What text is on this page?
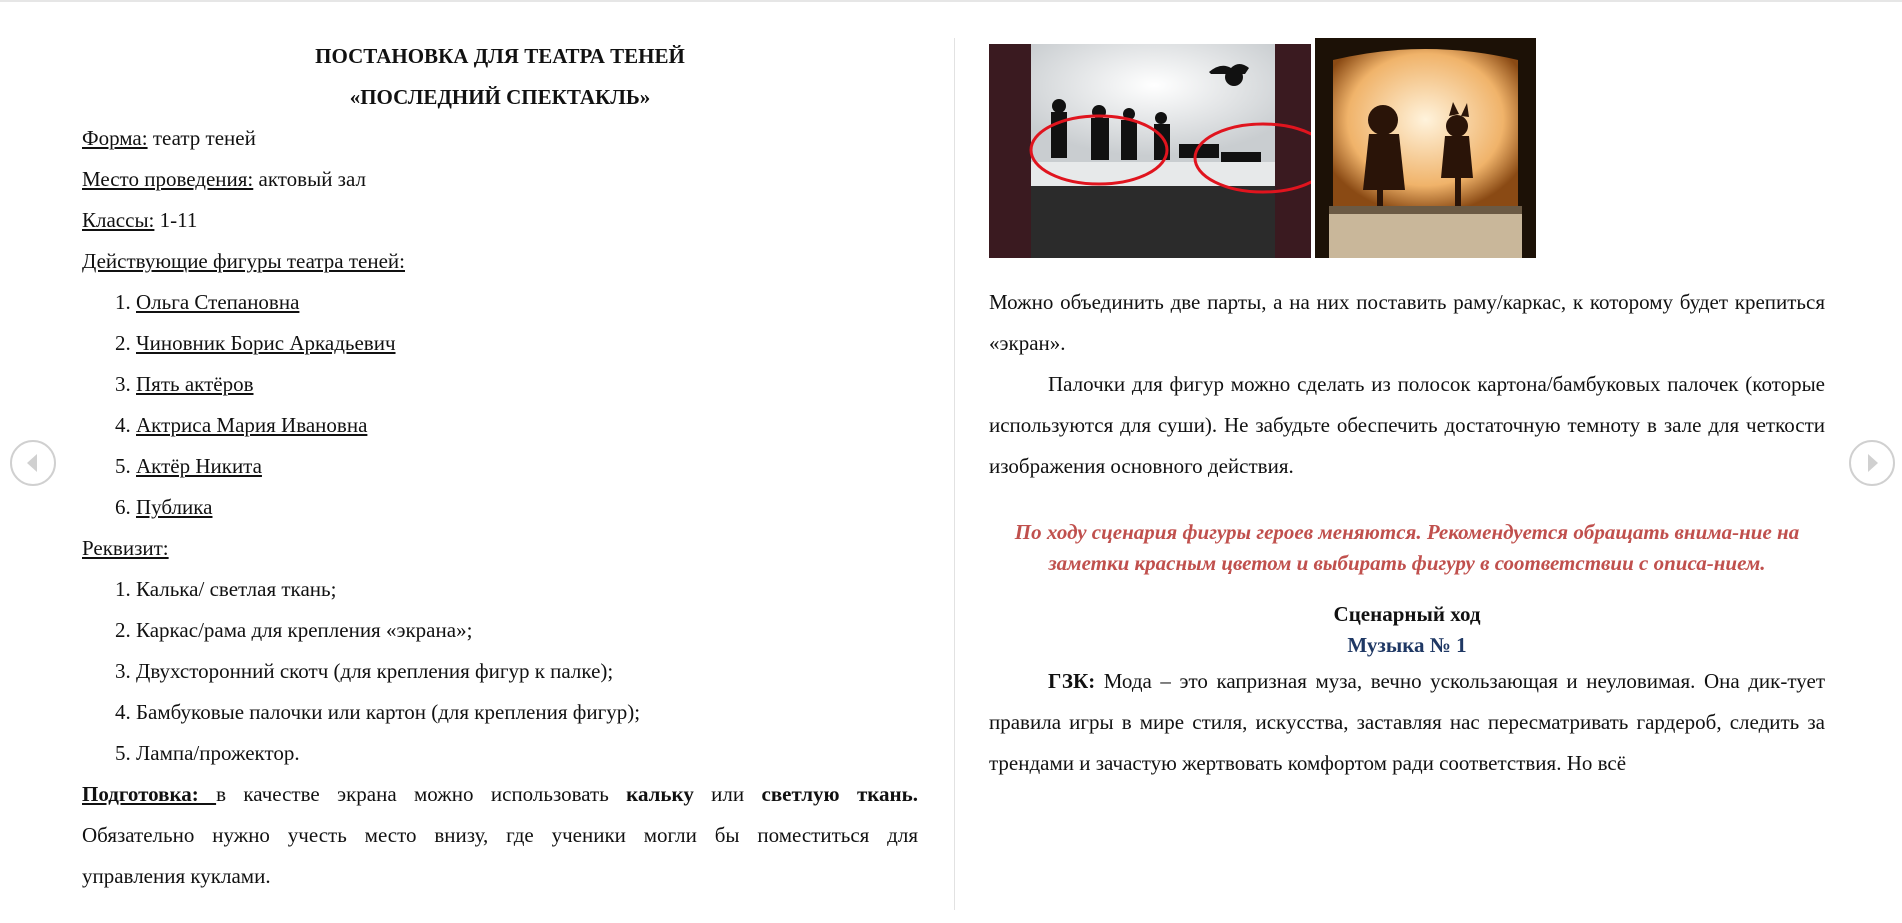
ПОСТАНОВКА ДЛЯ ТЕАТРА ТЕНЕЙ
«ПОСЛЕДНИЙ СПЕКТАКЛЬ»
Форма: театр теней
Место проведения: актовый зал
Классы: 1-11
Действующие фигуры театра теней:
1. Ольга Степановна
2. Чиновник Борис Аркадьевич
3. Пять актёров
4. Актриса Мария Ивановна
5. Актёр Никита
6. Публика
Реквизит:
1. Калька/ светлая ткань;
2. Каркас/рама для крепления «экрана»;
3. Двухсторонний скотч (для крепления фигур к палке);
4. Бамбуковые палочки или картон (для крепления фигур);
5. Лампа/прожектор.
Подготовка: в качестве экрана можно использовать кальку или светлую ткань.
Обязательно нужно учесть место внизу, где ученики могли бы поместиться для
управления куклами.
Можно объединить две парты, а на них поставить раму/каркас, к которому будет крепиться «экран».
Палочки для фигур можно сделать из полосок картона/бамбуковых палочек (которые используются для суши). Не забудьте обеспечить достаточную темноту в зале для четкости изображения основного действия.

По ходу сценария фигуры героев меняются. Рекомендуется обращать внима-ние на заметки красным цветом и выбирать фигуру в соответствии с описа-нием.

Сценарный ход
Музыка № 1
ГЗК: Мода – это капризная муза, вечно ускользающая и неуловимая. Она дик-тует правила игры в мире стиля, искусства, заставляя нас пересматривать гардероб, следить за трендами и зачастую жертвовать комфортом ради соответствия. Но всё
